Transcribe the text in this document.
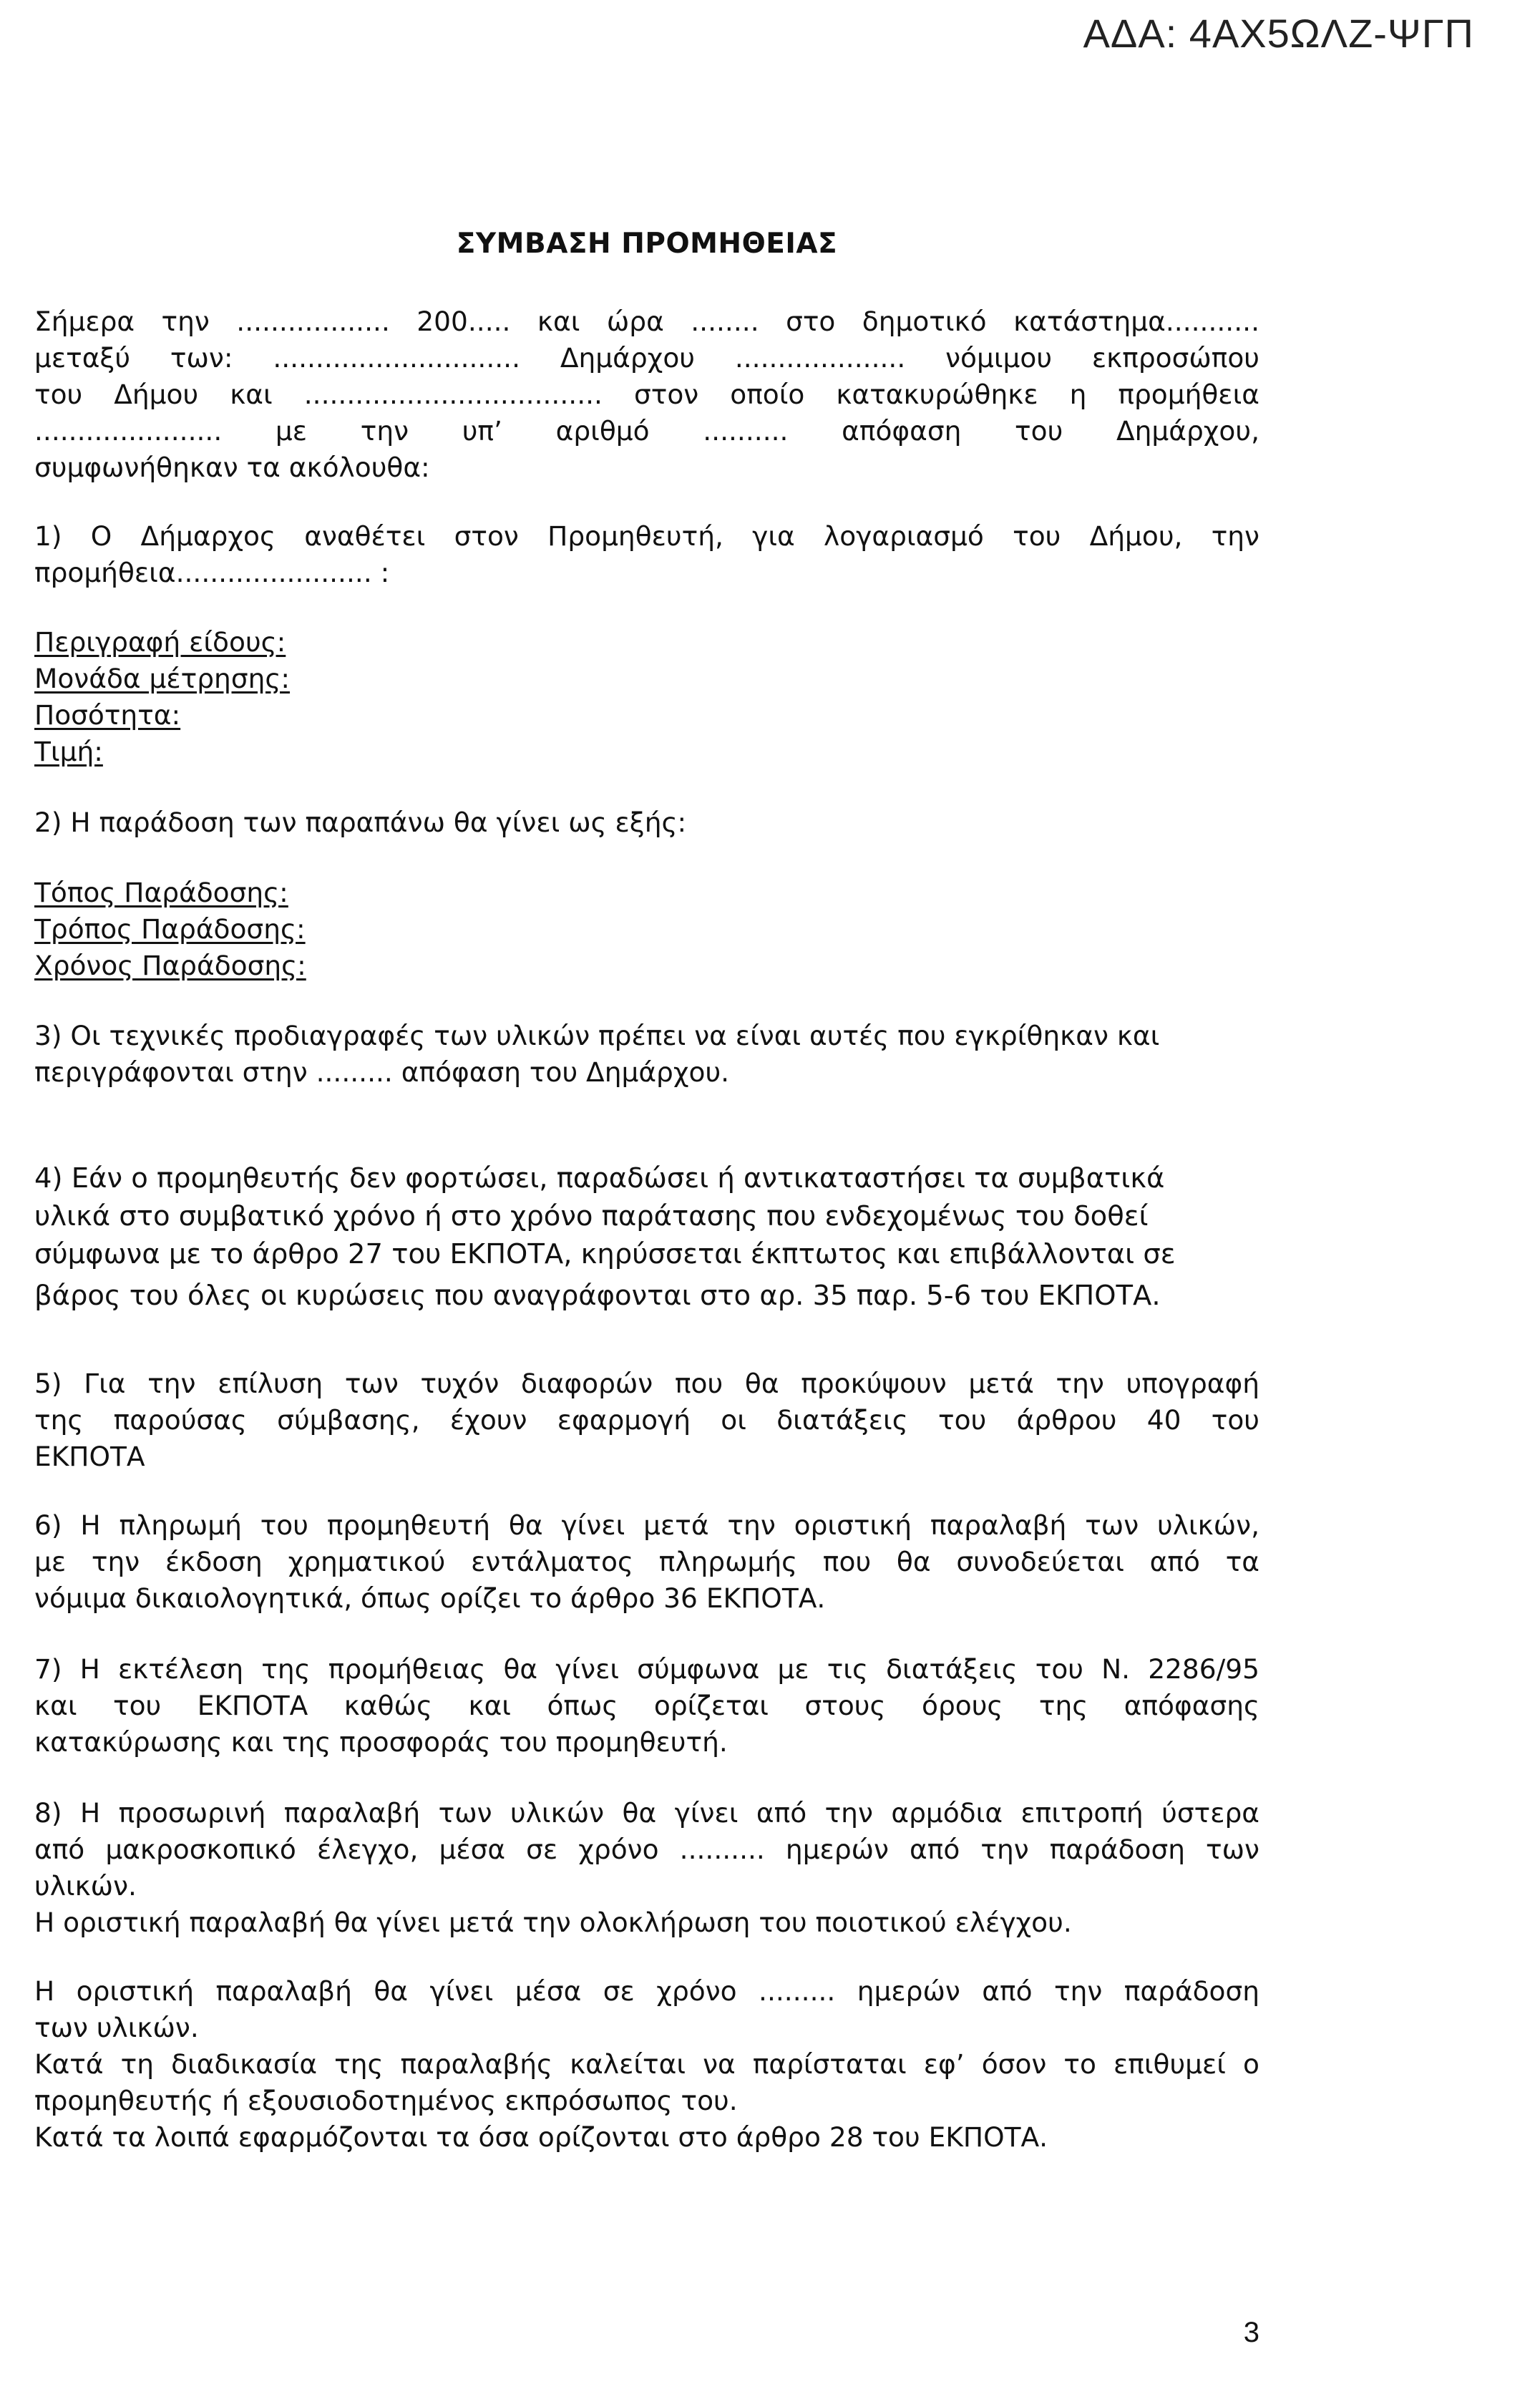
ΑΔΑ: 4ΑΧ5ΩΛΖ-ΨΓΠ
ΣΥΜΒΑΣΗ ΠΡΟΜΗΘΕΙΑΣ
Σήμερα την .................. 200..... και ώρα ........ στο δημοτικό κατάστημα...........
μεταξύ των: ............................. Δημάρχου .................... νόμιμου εκπροσώπου
του Δήμου και ................................... στον οποίο κατακυρώθηκε η προμήθεια
...................... με την υπ’ αριθμό .......... απόφαση του Δημάρχου,
συμφωνήθηκαν τα ακόλουθα:
1) Ο Δήμαρχος αναθέτει στον Προμηθευτή, για λογαριασμό του Δήμου, την
προμήθεια....................... :
Περιγραφή είδους:
Μονάδα μέτρησης:
Ποσότητα:
Τιμή:
2) Η παράδοση των παραπάνω θα γίνει ως εξής:
Τόπος Παράδοσης:
Τρόπος Παράδοσης:
Χρόνος Παράδοσης:
3) Οι τεχνικές προδιαγραφές των υλικών πρέπει να είναι αυτές που εγκρίθηκαν και
περιγράφονται στην ......... απόφαση του Δημάρχου.
4) Εάν ο προμηθευτής δεν φορτώσει, παραδώσει ή αντικαταστήσει τα συμβατικά
υλικά στο συμβατικό χρόνο ή στο χρόνο παράτασης που ενδεχομένως του δοθεί
σύμφωνα με το άρθρο 27 του ΕΚΠΟΤΑ, κηρύσσεται έκπτωτος και επιβάλλονται σε
βάρος του όλες οι κυρώσεις που αναγράφονται στο αρ. 35 παρ. 5-6 του ΕΚΠΟΤΑ.
5) Για την επίλυση των τυχόν διαφορών που θα προκύψουν μετά την υπογραφή
της παρούσας σύμβασης, έχουν εφαρμογή οι διατάξεις του άρθρου 40 του
ΕΚΠΟΤΑ
6) Η πληρωμή του προμηθευτή θα γίνει μετά την οριστική παραλαβή των υλικών,
με την έκδοση χρηματικού εντάλματος πληρωμής που θα συνοδεύεται από τα
νόμιμα δικαιολογητικά, όπως ορίζει το άρθρο 36 ΕΚΠΟΤΑ.
7) Η εκτέλεση της προμήθειας θα γίνει σύμφωνα με τις διατάξεις του Ν. 2286/95
και του ΕΚΠΟΤΑ καθώς και όπως ορίζεται στους όρους της απόφασης
κατακύρωσης και της προσφοράς του προμηθευτή.
8) Η προσωρινή παραλαβή των υλικών θα γίνει από την αρμόδια επιτροπή ύστερα
από μακροσκοπικό έλεγχο, μέσα σε χρόνο .......... ημερών από την παράδοση των
υλικών.
Η οριστική παραλαβή θα γίνει μετά την ολοκλήρωση του ποιοτικού ελέγχου.
Η οριστική παραλαβή θα γίνει μέσα σε χρόνο ......... ημερών από την παράδοση
των υλικών.
Κατά τη διαδικασία της παραλαβής καλείται να παρίσταται εφ’ όσον το επιθυμεί ο
προμηθευτής ή εξουσιοδοτημένος εκπρόσωπος του.
Κατά τα λοιπά εφαρμόζονται τα όσα ορίζονται στο άρθρο 28 του ΕΚΠΟΤΑ.
3
